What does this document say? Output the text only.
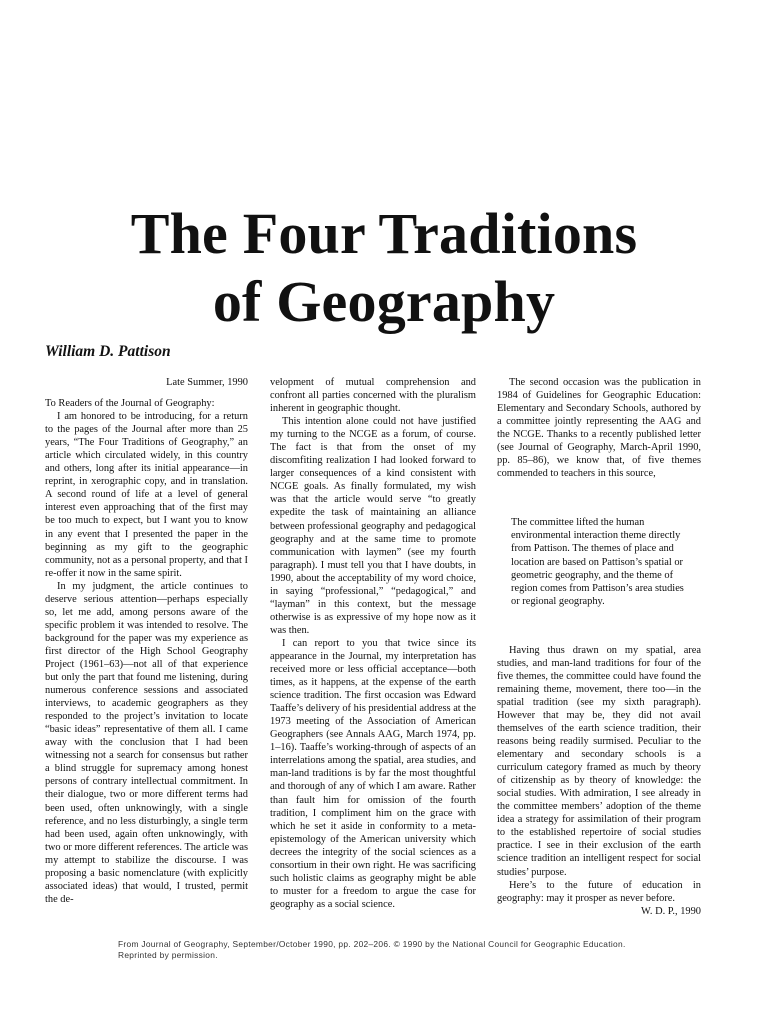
The Four Traditions
of Geography

William D. Pattison

Late Summer, 1990

To Readers of the Journal of Geography:

I am honored to be introducing, for a return to the pages of the Journal after more than 25 years, “The Four Traditions of Geography,” an article which circulated widely, in this country and others, long after its initial appearance—in reprint, in xerographic copy, and in translation. A second round of life at a level of general interest even approaching that of the first may be too much to expect, but I want you to know in any event that I presented the paper in the beginning as my gift to the geographic community, not as a personal property, and that I re-offer it now in the same spirit.

In my judgment, the article continues to deserve serious attention—perhaps especially so, let me add, among persons aware of the specific problem it was intended to resolve. The background for the paper was my experience as first director of the High School Geography Project (1961–63)—not all of that experience but only the part that found me listening, during numerous conference sessions and associated interviews, to academic geographers as they responded to the project’s invitation to locate “basic ideas” representative of them all. I came away with the conclusion that I had been witnessing not a search for consensus but rather a blind struggle for supremacy among honest persons of contrary intellectual commitment. In their dialogue, two or more different terms had been used, often unknowingly, with a single reference, and no less disturbingly, a single term had been used, again often unknowingly, with two or more different references. The article was my attempt to stabilize the discourse. I was proposing a basic nomenclature (with explicitly associated ideas) that would, I trusted, permit the de-

velopment of mutual comprehension and confront all parties concerned with the pluralism inherent in geographic thought.

This intention alone could not have justified my turning to the NCGE as a forum, of course. The fact is that from the onset of my discomfiting realization I had looked forward to larger consequences of a kind consistent with NCGE goals. As finally formulated, my wish was that the article would serve “to greatly expedite the task of maintaining an alliance between professional geography and pedagogical geography and at the same time to promote communication with laymen” (see my fourth paragraph). I must tell you that I have doubts, in 1990, about the acceptability of my word choice, in saying “professional,” “pedagogical,” and “layman” in this context, but the message otherwise is as expressive of my hope now as it was then.

I can report to you that twice since its appearance in the Journal, my interpretation has received more or less official acceptance—both times, as it happens, at the expense of the earth science tradition. The first occasion was Edward Taaffe’s delivery of his presidential address at the 1973 meeting of the Association of American Geographers (see Annals AAG, March 1974, pp. 1–16). Taaffe’s working-through of aspects of an interrelations among the spatial, area studies, and man-land traditions is by far the most thoughtful and thorough of any of which I am aware. Rather than fault him for omission of the fourth tradition, I compliment him on the grace with which he set it aside in conformity to a meta-epistemology of the American university which decrees the integrity of the social sciences as a consortium in their own right. He was sacrificing such holistic claims as geography might be able to muster for a freedom to argue the case for geography as a social science.

The second occasion was the publication in 1984 of Guidelines for Geographic Education: Elementary and Secondary Schools, authored by a committee jointly representing the AAG and the NCGE. Thanks to a recently published letter (see Journal of Geography, March-April 1990, pp. 85–86), we know that, of five themes commended to teachers in this source,

The committee lifted the human environmental interaction theme directly from Pattison. The themes of place and location are based on Pattison’s spatial or geometric geography, and the theme of region comes from Pattison’s area studies or regional geography.

Having thus drawn on my spatial, area studies, and man-land traditions for four of the five themes, the committee could have found the remaining theme, movement, there too—in the spatial tradition (see my sixth paragraph). However that may be, they did not avail themselves of the earth science tradition, their reasons being readily surmised. Peculiar to the elementary and secondary schools is a curriculum category framed as much by theory of citizenship as by theory of knowledge: the social studies. With admiration, I see already in the committee members’ adoption of the theme idea a strategy for assimilation of their program to the established repertoire of social studies practice. I see in their exclusion of the earth science tradition an intelligent respect for social studies’ purpose.

Here’s to the future of education in geography: may it prosper as never before.

W. D. P., 1990

From Journal of Geography, September/October 1990, pp. 202–206. © 1990 by the National Council for Geographic Education.

Reprinted by permission.
